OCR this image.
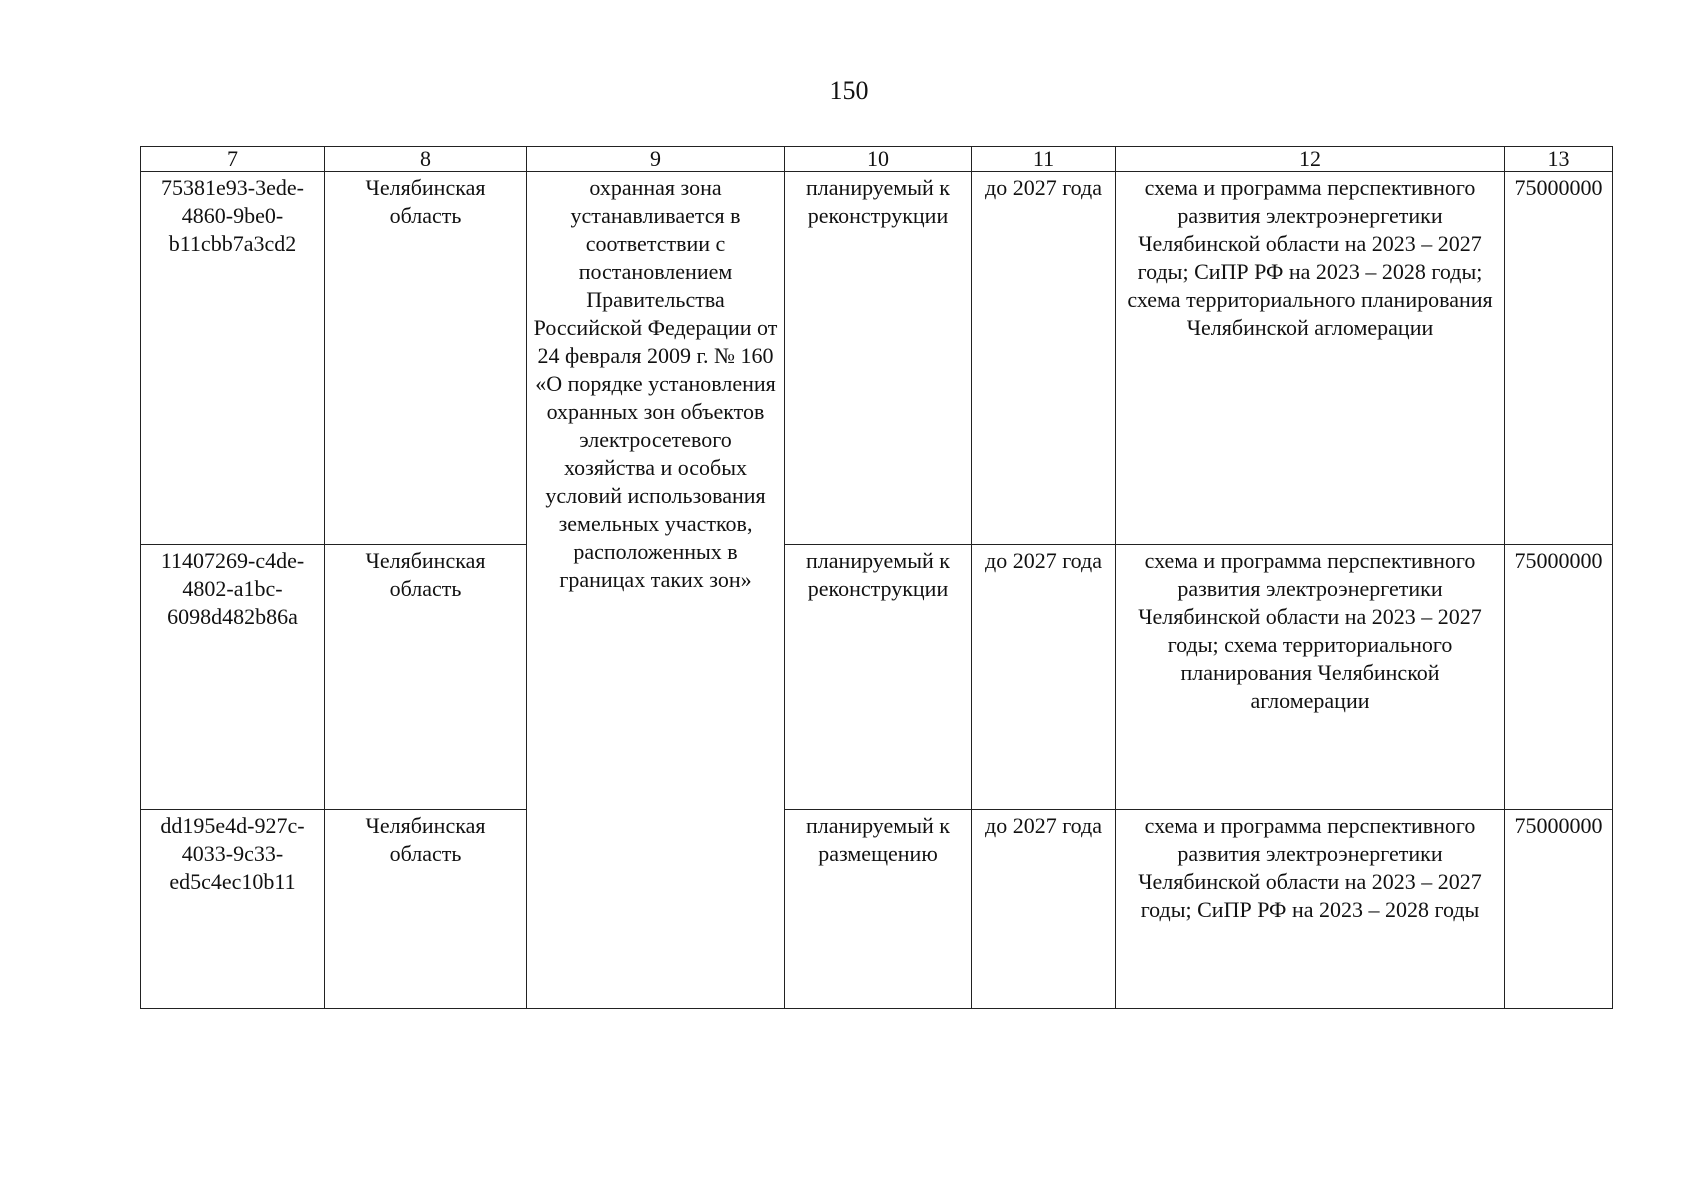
150
7	8	9	10	11	12	13
75381e93-3ede-4860-9be0-b11cbb7a3cd2	Челябинская область	охранная зона устанавливается в соответствии с постановлением Правительства Российской Федерации от 24 февраля 2009 г. № 160 «О порядке установления охранных зон объектов электросетевого хозяйства и особых условий использования земельных участков, расположенных в границах таких зон»	планируемый к реконструкции	до 2027 года	схема и программа перспективного развития электроэнергетики Челябинской области на 2023 – 2027 годы; СиПР РФ на 2023 – 2028 годы; схема территориального планирования Челябинской агломерации	75000000
11407269-c4de-4802-a1bc-6098d482b86a	Челябинская область		планируемый к реконструкции	до 2027 года	схема и программа перспективного развития электроэнергетики Челябинской области на 2023 – 2027 годы; схема территориального планирования Челябинской агломерации	75000000
dd195e4d-927c-4033-9c33-ed5c4ec10b11	Челябинская область		планируемый к размещению	до 2027 года	схема и программа перспективного развития электроэнергетики Челябинской области на 2023 – 2027 годы; СиПР РФ на 2023 – 2028 годы	75000000
